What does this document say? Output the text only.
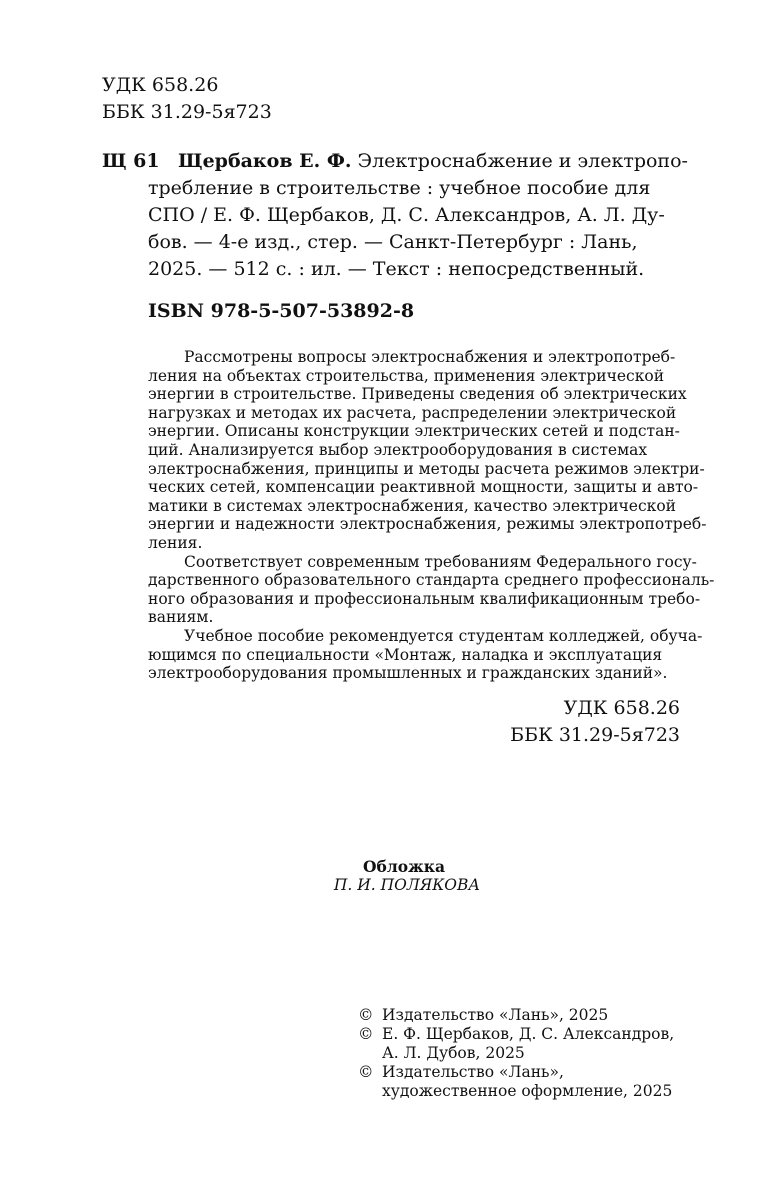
УДК 658.26
ББК 31.29-5я723
Щ 61 Щербаков Е. Ф. Электроснабжение и электропо-
требление в строительстве : учебное пособие для
СПО / Е. Ф. Щербаков, Д. С. Александров, А. Л. Ду-
бов. — 4-е изд., стер. — Санкт-Петербург : Лань,
2025. — 512 с. : ил. — Текст : непосредственный.
ISBN 978-5-507-53892-8
Рассмотрены вопросы электроснабжения и электропотреб-
ления на объектах строительства, применения электрической
энергии в строительстве. Приведены сведения об электрических
нагрузках и методах их расчета, распределении электрической
энергии. Описаны конструкции электрических сетей и подстан-
ций. Анализируется выбор электрооборудования в системах
электроснабжения, принципы и методы расчета режимов электри-
ческих сетей, компенсации реактивной мощности, защиты и авто-
матики в системах электроснабжения, качество электрической
энергии и надежности электроснабжения, режимы электропотреб-
ления.
Соответствует современным требованиям Федерального госу-
дарственного образовательного стандарта среднего профессиональ-
ного образования и профессиональным квалификационным требо-
ваниям.
Учебное пособие рекомендуется студентам колледжей, обуча-
ющимся по специальности «Монтаж, наладка и эксплуатация
электрооборудования промышленных и гражданских зданий».
УДК 658.26
ББК 31.29-5я723
Обложка
П. И. ПОЛЯКОВА
© Издательство «Лань», 2025
© Е. Ф. Щербаков, Д. С. Александров,
А. Л. Дубов, 2025
© Издательство «Лань»,
художественное оформление, 2025
